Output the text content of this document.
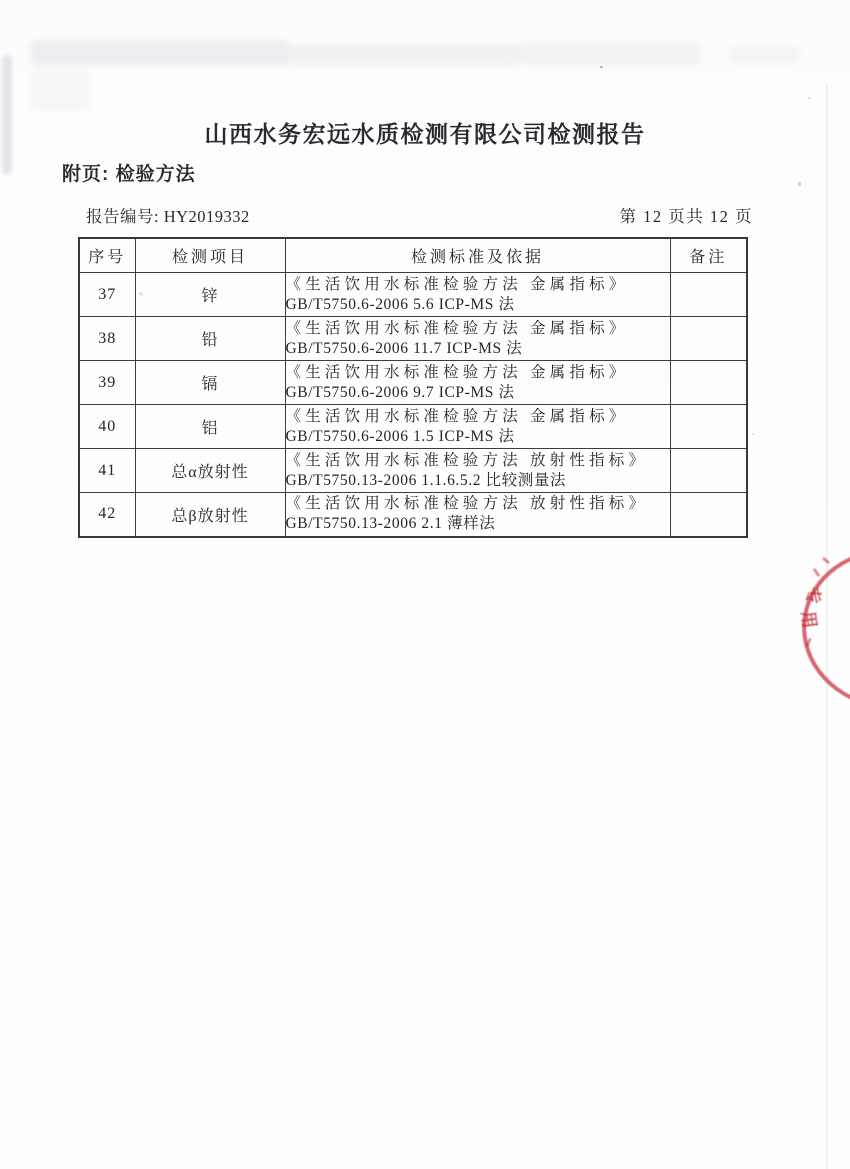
山西水务宏远水质检测有限公司检测报告
附页: 检验方法
报告编号: HY2019332	第 12 页共 12 页
序号	检测项目	检测标准及依据	备注
37	锌	《生活饮用水标准检验方法 金属指标》
GB/T5750.6-2006 5.6 ICP-MS 法	

38	铅	《生活饮用水标准检验方法 金属指标》
GB/T5750.6-2006 11.7 ICP-MS 法	

39	镉	《生活饮用水标准检验方法 金属指标》
GB/T5750.6-2006 9.7 ICP-MS 法	

40	铝	《生活饮用水标准检验方法 金属指标》
GB/T5750.6-2006 1.5 ICP-MS 法	

41	总α放射性	《生活饮用水标准检验方法 放射性指标》
GB/T5750.13-2006 1.1.6.5.2 比较测量法	

42	总β放射性	《生活饮用水标准检验方法 放射性指标》
GB/T5750.13-2006 2.1 薄样法	

专
用
